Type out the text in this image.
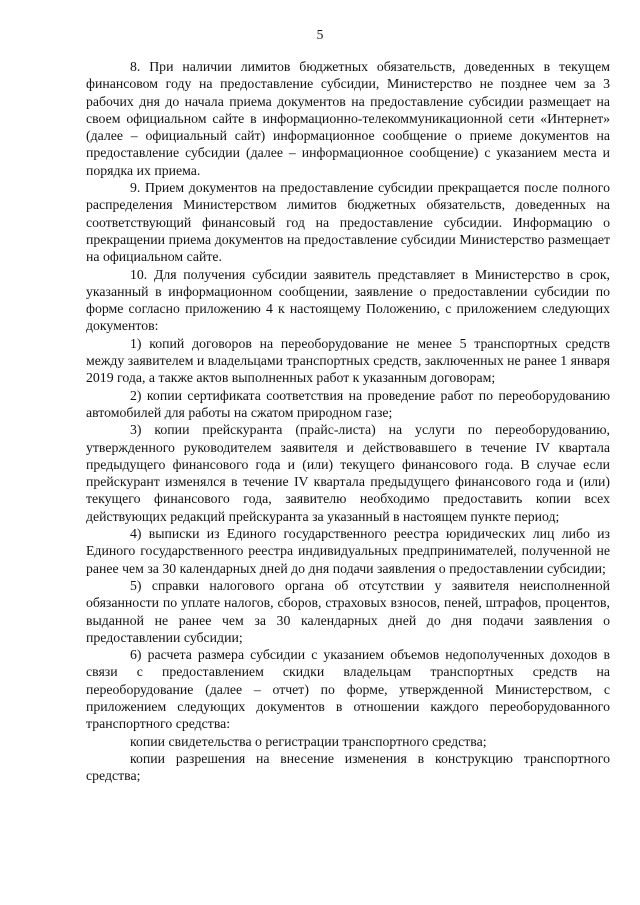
5

8. При наличии лимитов бюджетных обязательств, доведенных в текущем финансовом году на предоставление субсидии, Министерство не позднее чем за 3 рабочих дня до начала приема документов на предоставление субсидии размещает на своем официальном сайте в информационно-телекоммуникационной сети «Интернет» (далее – официальный сайт) информационное сообщение о приеме документов на предоставление субсидии (далее – информационное сообщение) с указанием места и порядка их приема.

9. Прием документов на предоставление субсидии прекращается после полного распределения Министерством лимитов бюджетных обязательств, доведенных на соответствующий финансовый год на предоставление субсидии. Информацию о прекращении приема документов на предоставление субсидии Министерство размещает на официальном сайте.

10. Для получения субсидии заявитель представляет в Министерство в срок, указанный в информационном сообщении, заявление о предоставлении субсидии по форме согласно приложению 4 к настоящему Положению, с приложением следующих документов:

1) копий договоров на переоборудование не менее 5 транспортных средств между заявителем и владельцами транспортных средств, заключенных не ранее 1 января 2019 года, а также актов выполненных работ к указанным договорам;

2) копии сертификата соответствия на проведение работ по переоборудованию автомобилей для работы на сжатом природном газе;

3) копии прейскуранта (прайс-листа) на услуги по переоборудованию, утвержденного руководителем заявителя и действовавшего в течение IV квартала предыдущего финансового года и (или) текущего финансового года. В случае если прейскурант изменялся в течение IV квартала предыдущего финансового года и (или) текущего финансового года, заявителю необходимо предоставить копии всех действующих редакций прейскуранта за указанный в настоящем пункте период;

4) выписки из Единого государственного реестра юридических лиц либо из Единого государственного реестра индивидуальных предпринимателей, полученной не ранее чем за 30 календарных дней до дня подачи заявления о предоставлении субсидии;

5) справки налогового органа об отсутствии у заявителя неисполненной обязанности по уплате налогов, сборов, страховых взносов, пеней, штрафов, процентов, выданной не ранее чем за 30 календарных дней до дня подачи заявления о предоставлении субсидии;

6) расчета размера субсидии с указанием объемов недополученных доходов в связи с предоставлением скидки владельцам транспортных средств на переоборудование (далее – отчет) по форме, утвержденной Министерством, с приложением следующих документов в отношении каждого переоборудованного транспортного средства:

копии свидетельства о регистрации транспортного средства;

копии разрешения на внесение изменения в конструкцию транспортного средства;
